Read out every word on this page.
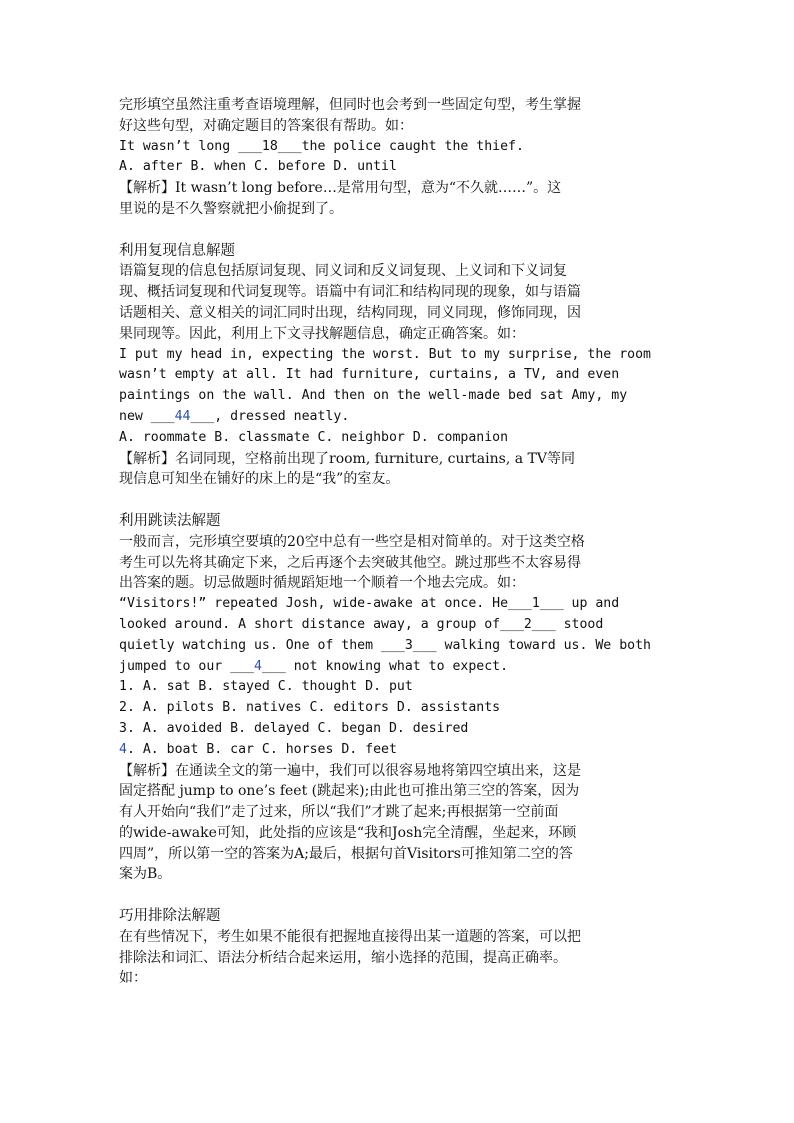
完形填空虽然注重考查语境理解，但同时也会考到一些固定句型，考生掌握
好这些句型，对确定题目的答案很有帮助。如：
It wasn’t long ___18___the police caught the thief.
A. after B. when C. before D. until
【解析】It wasn’t long before…是常用句型，意为“不久就……”。这
里说的是不久警察就把小偷捉到了。
利用复现信息解题
语篇复现的信息包括原词复现、同义词和反义词复现、上义词和下义词复
现、概括词复现和代词复现等。语篇中有词汇和结构同现的现象，如与语篇
话题相关、意义相关的词汇同时出现，结构同现，同义同现，修饰同现，因
果同现等。因此，利用上下文寻找解题信息，确定正确答案。如：
I put my head in, expecting the worst. But to my surprise, the room
wasn’t empty at all. It had furniture, curtains, a TV, and even
paintings on the wall. And then on the well-made bed sat Amy, my
new ___44___, dressed neatly.
A. roommate B. classmate C. neighbor D. companion
【解析】名词同现，空格前出现了room, furniture, curtains, a TV等同
现信息可知坐在铺好的床上的是“我”的室友。
利用跳读法解题
一般而言，完形填空要填的20空中总有一些空是相对简单的。对于这类空格
考生可以先将其确定下来，之后再逐个去突破其他空。跳过那些不太容易得
出答案的题。切忌做题时循规蹈矩地一个顺着一个地去完成。如：
“Visitors!” repeated Josh, wide-awake at once. He___1___ up and
looked around. A short distance away, a group of___2___ stood
quietly watching us. One of them ___3___ walking toward us. We both
jumped to our ___4___ not knowing what to expect.
1. A. sat B. stayed C. thought D. put
2. A. pilots B. natives C. editors D. assistants
3. A. avoided B. delayed C. began D. desired
4. A. boat B. car C. horses D. feet
【解析】在通读全文的第一遍中，我们可以很容易地将第四空填出来，这是
固定搭配 jump to one’s feet (跳起来);由此也可推出第三空的答案，因为
有人开始向“我们”走了过来，所以“我们”才跳了起来;再根据第一空前面
的wide-awake可知，此处指的应该是“我和Josh完全清醒，坐起来，环顾
四周”，所以第一空的答案为A;最后，根据句首Visitors可推知第二空的答
案为B。
巧用排除法解题
在有些情况下，考生如果不能很有把握地直接得出某一道题的答案，可以把
排除法和词汇、语法分析结合起来运用，缩小选择的范围，提高正确率。
如：
